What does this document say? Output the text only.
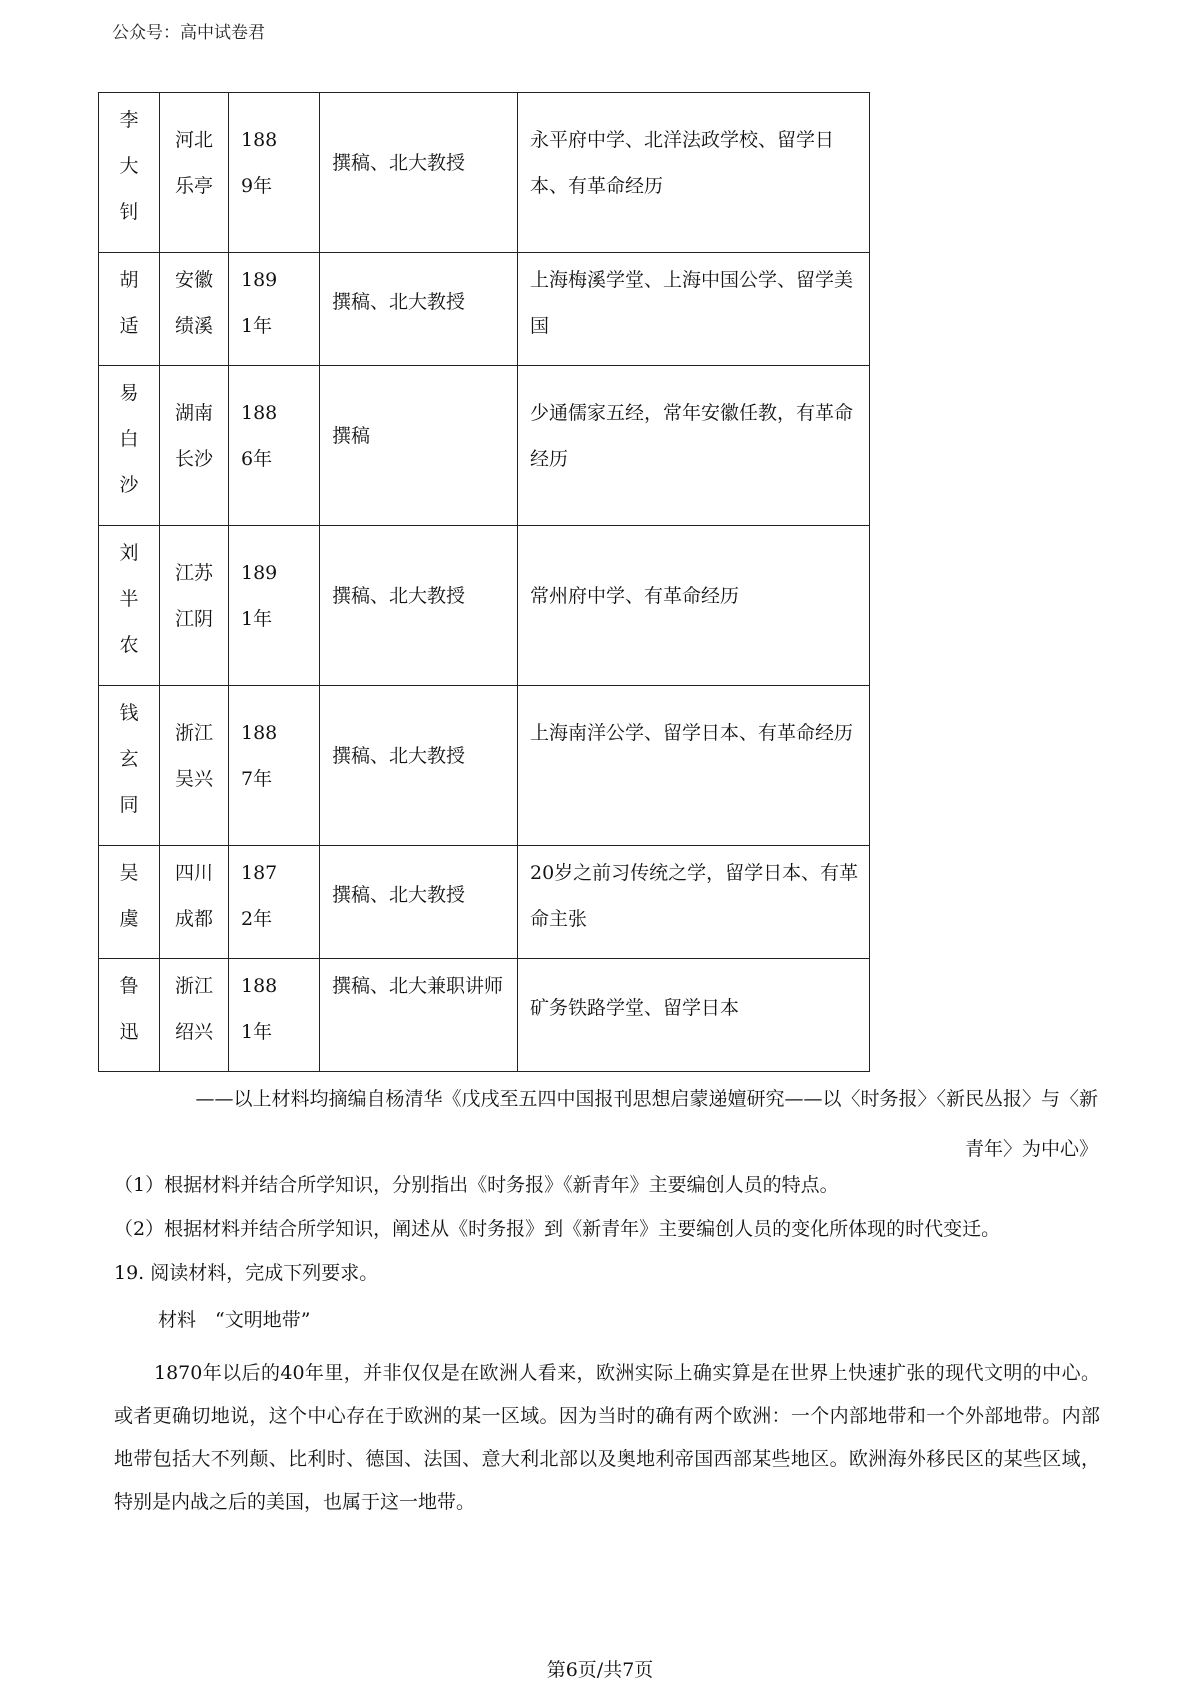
公众号：高中试卷君
李大钊	河北乐亭	1889年	撰稿、北大教授	永平府中学、北洋法政学校、留学日本、有革命经历

胡适	安徽绩溪	1891年	撰稿、北大教授	上海梅溪学堂、上海中国公学、留学美国

易白沙	湖南长沙	1886年	撰稿	少通儒家五经，常年安徽任教，有革命经历

刘半农	江苏江阴	1891年	撰稿、北大教授	常州府中学、有革命经历

钱玄同	浙江吴兴	1887年	撰稿、北大教授	上海南洋公学、留学日本、有革命经历

吴虞	四川成都	1872年	撰稿、北大教授	20岁之前习传统之学，留学日本、有革命主张

鲁迅	浙江绍兴	1881年	撰稿、北大兼职讲师	矿务铁路学堂、留学日本
——以上材料均摘编自杨清华《戊戌至五四中国报刊思想启蒙递嬗研究——以〈时务报〉〈新民丛报〉与〈新
青年〉为中心》
（1）根据材料并结合所学知识，分别指出《时务报》《新青年》主要编创人员的特点。
（2）根据材料并结合所学知识，阐述从《时务报》到《新青年》主要编创人员的变化所体现的时代变迁。
19. 阅读材料，完成下列要求。
材料　“文明地带”
1870年以后的40年里，并非仅仅是在欧洲人看来，欧洲实际上确实算是在世界上快速扩张的现代文明的中心。或者更确切地说，这个中心存在于欧洲的某一区域。因为当时的确有两个欧洲：一个内部地带和一个外部地带。内部地带包括大不列颠、比利时、德国、法国、意大利北部以及奥地利帝国西部某些地区。欧洲海外移民区的某些区域，特别是内战之后的美国，也属于这一地带。
第6页/共7页
